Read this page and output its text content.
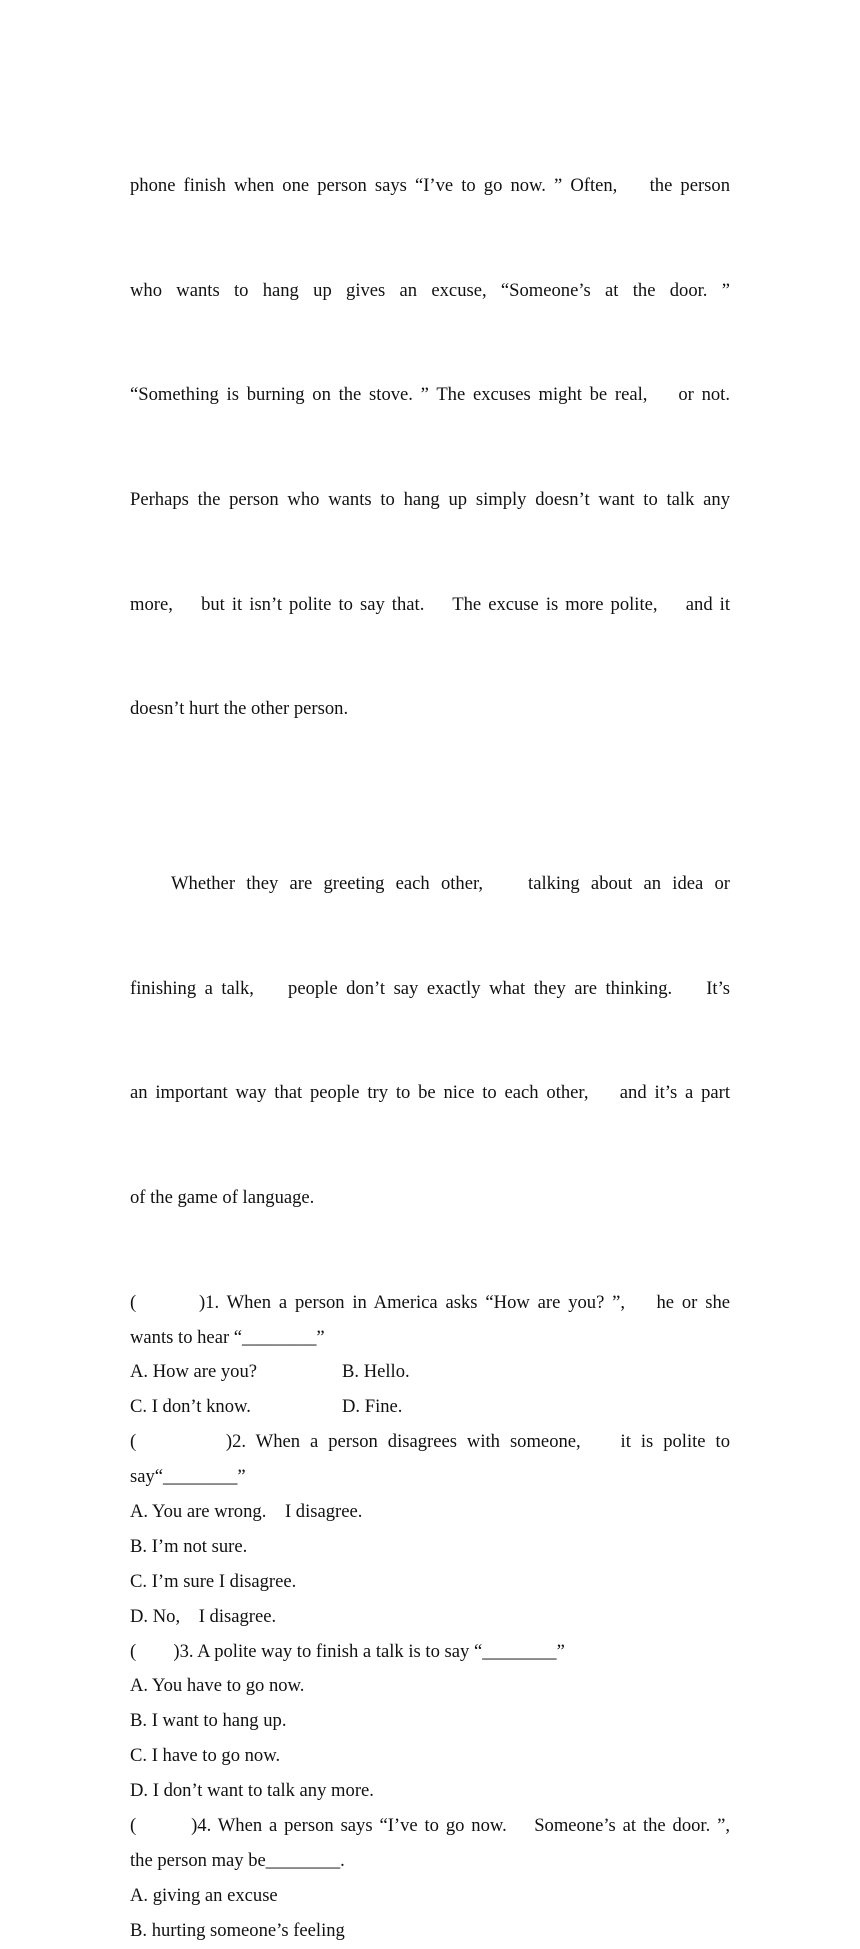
phone finish when one person says “I’ve to go now. ” Often,    the person

who wants to hang up gives an excuse, “Someone’s at the door. ”

“Something is burning on the stove. ” The excuses might be real,    or not.

Perhaps the person who wants to hang up simply doesn’t want to talk any

more,    but it isn’t polite to say that.    The excuse is more polite,    and it

doesn’t hurt the other person.

Whether they are greeting each other,    talking about an idea or

finishing a talk,    people don’t say exactly what they are thinking.    It’s

an important way that people try to be nice to each other,    and it’s a part

of the game of language.

(        )1. When a person in America asks “How are you? ”,    he or she
wants to hear “________”
A. How are you?	B. Hello.
C. I don’t know.	D. Fine.
(         )2. When a person disagrees with someone,    it is polite to
say“________”
A. You are wrong.    I disagree.
B. I’m not sure.
C. I’m sure I disagree.
D. No,    I disagree.
(        )3. A polite way to finish a talk is to say “________”
A. You have to go now.
B. I want to hang up.
C. I have to go now.
D. I don’t want to talk any more.
(        )4. When a person says “I’ve to go now.    Someone’s at the door. ”,
the person may be________.
A. giving an excuse
B. hurting someone’s feeling
